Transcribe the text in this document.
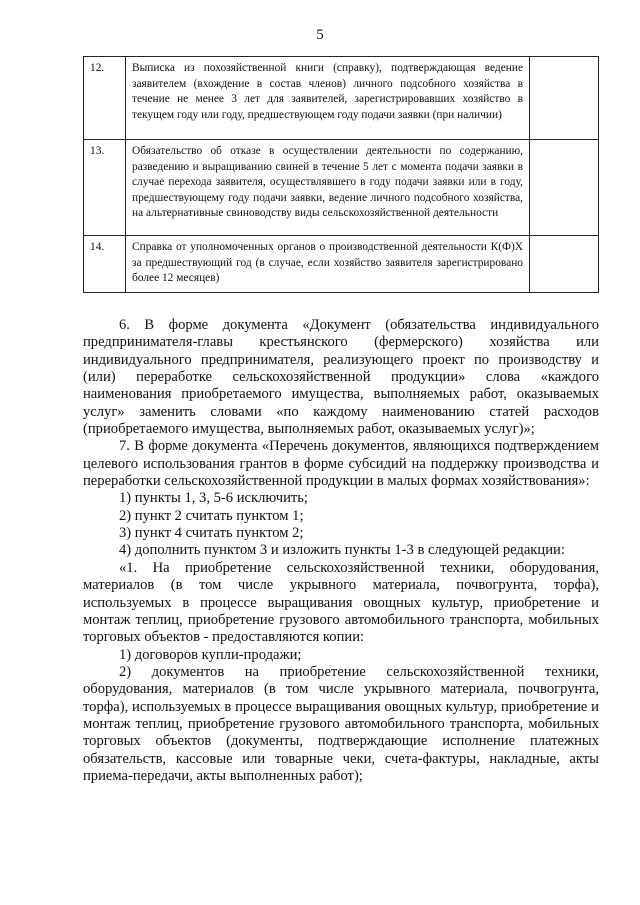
5
12.	Выписка из похозяйственной книги (справку), подтверждающая ведение заявителем (вхождение в состав членов) личного подсобного хозяйства в течение не менее 3 лет для заявителей, зарегистрировавших хозяйство в текущем году или году, предшествующем году подачи заявки (при наличии)	
13.	Обязательство об отказе в осуществлении деятельности по содержанию, разведению и выращиванию свиней в течение 5 лет с момента подачи заявки в случае перехода заявителя, осуществлявшего в году подачи заявки или в году, предшествующему году подачи заявки, ведение личного подсобного хозяйства, на альтернативные свиноводству виды сельскохозяйственной деятельности	
14.	Справка от уполномоченных органов о производственной деятельности К(Ф)Х за предшествующий год (в случае, если хозяйство заявителя зарегистрировано более 12 месяцев)	

6. В форме документа «Документ (обязательства индивидуального предпринимателя-главы крестьянского (фермерского) хозяйства или индивидуального предпринимателя, реализующего проект по производству и (или) переработке сельскохозяйственной продукции» слова «каждого наименования приобретаемого имущества, выполняемых работ, оказываемых услуг» заменить словами «по каждому наименованию статей расходов (приобретаемого имущества, выполняемых работ, оказываемых услуг)»;

7. В форме документа «Перечень документов, являющихся подтверждением целевого использования грантов в форме субсидий на поддержку производства и переработки сельскохозяйственной продукции в малых формах хозяйствования»:

1) пункты 1, 3, 5-6 исключить;

2) пункт 2 считать пунктом 1;

3) пункт 4 считать пунктом 2;

4) дополнить пунктом 3 и изложить пункты 1-3 в следующей редакции:

«1. На приобретение сельскохозяйственной техники, оборудования, материалов (в том числе укрывного материала, почвогрунта, торфа), используемых в процессе выращивания овощных культур, приобретение и монтаж теплиц, приобретение грузового автомобильного транспорта, мобильных торговых объектов - предоставляются копии:

1) договоров купли-продажи;

2) документов на приобретение сельскохозяйственной техники, оборудования, материалов (в том числе укрывного материала, почвогрунта, торфа), используемых в процессе выращивания овощных культур, приобретение и монтаж теплиц, приобретение грузового автомобильного транспорта, мобильных торговых объектов (документы, подтверждающие исполнение платежных обязательств, кассовые или товарные чеки, счета-фактуры, накладные, акты приема-передачи, акты выполненных работ);
